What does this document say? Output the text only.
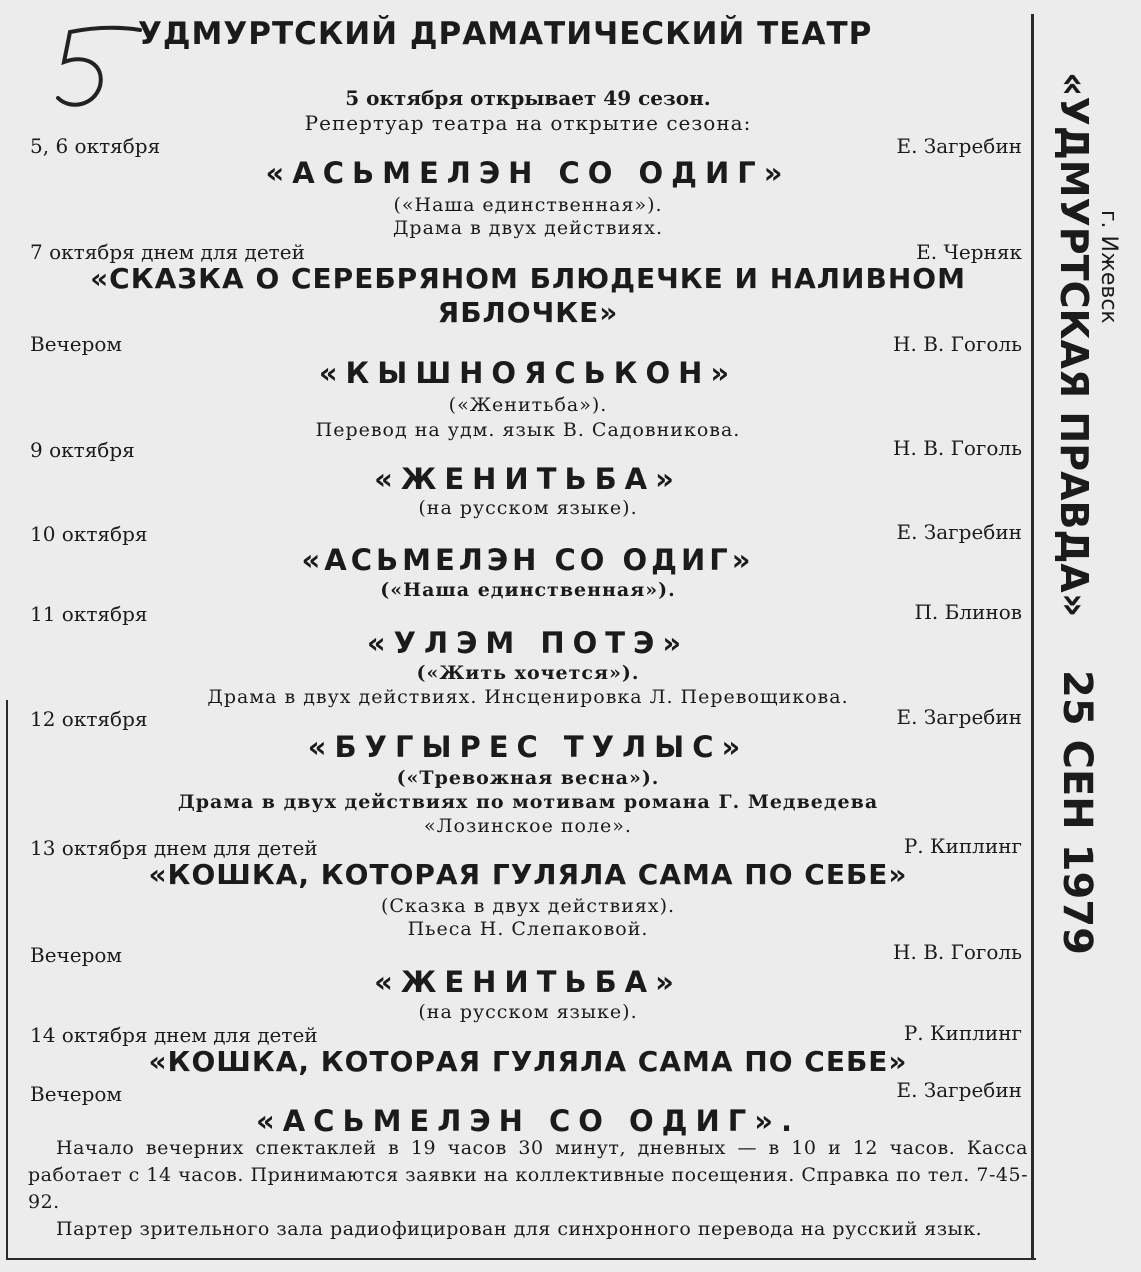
УДМУРТСКИЙ ДРАМАТИЧЕСКИЙ ТЕАТР
5 октября открывает 49 сезон.
Репертуар театра на открытие сезона:
5, 6 октября	Е. Загребин
«АСЬМЕЛЭН СО ОДИГ»
(«Наша единственная»).
Драма в двух действиях.
7 октября днем для детей	Е. Черняк
«СКАЗКА О СЕРЕБРЯНОМ БЛЮДЕЧКЕ И НАЛИВНОМ
ЯБЛОЧКЕ»
Вечером	Н. В. Гоголь
«КЫШНОЯСЬКОН»
(«Женитьба»).
Перевод на удм. язык В. Садовникова.
9 октября	Н. В. Гоголь
«ЖЕНИТЬБА»
(на русском языке).
10 октября	Е. Загребин
«АСЬМЕЛЭН СО ОДИГ»
(«Наша единственная»).
11 октября	П. Блинов
«УЛЭМ ПОТЭ»
(«Жить хочется»).
Драма в двух действиях. Инсценировка Л. Перевощикова.
12 октября	Е. Загребин
«БУГЫРЕС ТУЛЫС»
(«Тревожная весна»).
Драма в двух действиях по мотивам романа Г. Медведева
«Лозинское поле».
13 октября днем для детей	Р. Киплинг
«КОШКА, КОТОРАЯ ГУЛЯЛА САМА ПО СЕБЕ»
(Сказка в двух действиях).
Пьеса Н. Слепаковой.
Вечером	Н. В. Гоголь
«ЖЕНИТЬБА»
(на русском языке).
14 октября днем для детей	Р. Киплинг
«КОШКА, КОТОРАЯ ГУЛЯЛА САМА ПО СЕБЕ»
Вечером	Е. Загребин
«АСЬМЕЛЭН СО ОДИГ».

Начало вечерних спектаклей в 19 часов 30 минут, дневных — в 10 и 12 часов. Касса работает с 14 часов. Принимаются заявки на коллективные посещения. Справка по тел. 7-45-92.

Партер зрительного зала радиофицирован для синхронного перевода на русский язык.

«УДМУРТСКАЯ ПРАВДА» г. Ижевск
25 СЕН 1979
